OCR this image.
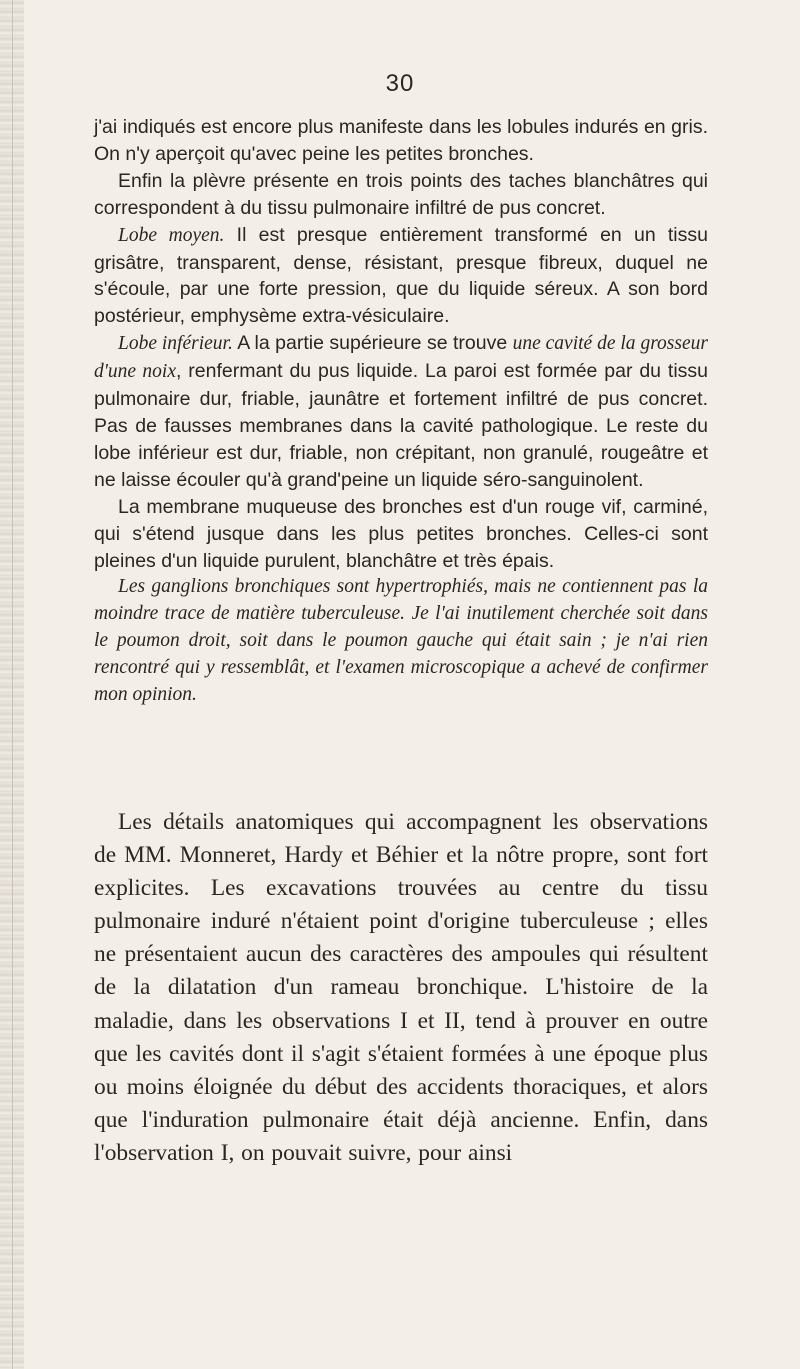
30

j'ai indiqués est encore plus manifeste dans les lobules indurés en gris. On n'y aperçoit qu'avec peine les petites bronches.

Enfin la plèvre présente en trois points des taches blanchâtres qui correspondent à du tissu pulmonaire infiltré de pus concret.

Lobe moyen. Il est presque entièrement transformé en un tissu grisâtre, transparent, dense, résistant, presque fibreux, duquel ne s'écoule, par une forte pression, que du liquide séreux. A son bord postérieur, emphysème extra-vésiculaire.

Lobe inférieur. A la partie supérieure se trouve une cavité de la grosseur d'une noix, renfermant du pus liquide. La paroi est formée par du tissu pulmonaire dur, friable, jaunâtre et fortement infiltré de pus concret. Pas de fausses membranes dans la cavité pathologique. Le reste du lobe inférieur est dur, friable, non crépitant, non granulé, rougeâtre et ne laisse écouler qu'à grand'peine un liquide séro-sanguinolent.

La membrane muqueuse des bronches est d'un rouge vif, carminé, qui s'étend jusque dans les plus petites bronches. Celles-ci sont pleines d'un liquide purulent, blanchâtre et très épais.

Les ganglions bronchiques sont hypertrophiés, mais ne contiennent pas la moindre trace de matière tuberculeuse. Je l'ai inutilement cherchée soit dans le poumon droit, soit dans le poumon gauche qui était sain ; je n'ai rien rencontré qui y ressemblât, et l'examen microscopique a achevé de confirmer mon opinion.

Les détails anatomiques qui accompagnent les observations de MM. Monneret, Hardy et Béhier et la nôtre propre, sont fort explicites. Les excavations trouvées au centre du tissu pulmonaire induré n'étaient point d'origine tuberculeuse ; elles ne présentaient aucun des caractères des ampoules qui résultent de la dilatation d'un rameau bronchique. L'histoire de la maladie, dans les observations I et II, tend à prouver en outre que les cavités dont il s'agit s'étaient formées à une époque plus ou moins éloignée du début des accidents thoraciques, et alors que l'induration pulmonaire était déjà ancienne. Enfin, dans l'observation I, on pouvait suivre, pour ainsi
